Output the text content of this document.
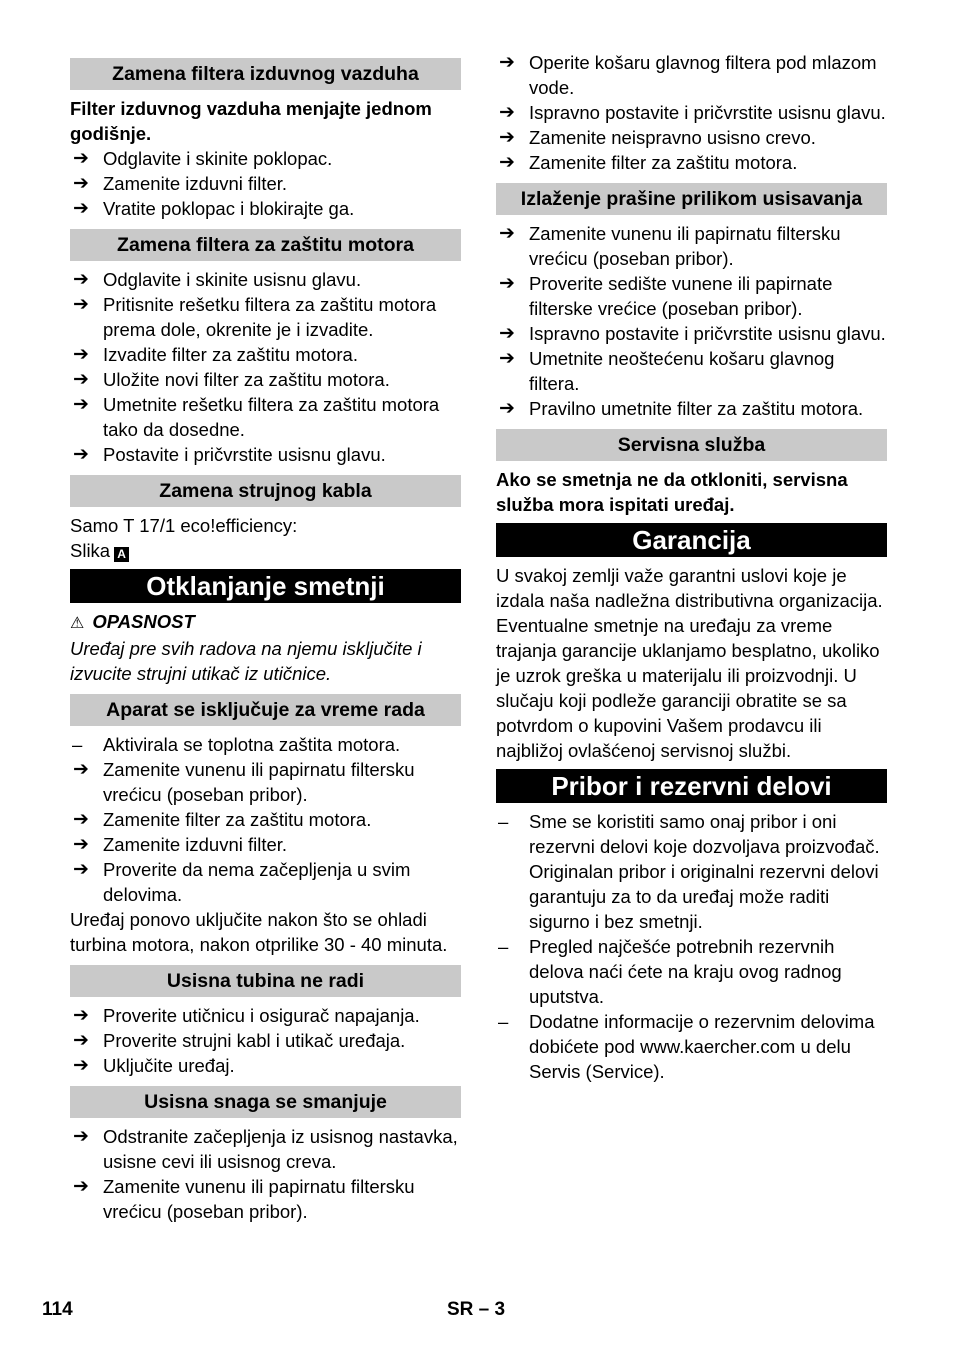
Zamena filtera izduvnog vazduha

Filter izduvnog vazduha menjajte jednom godišnje.

➔ Odglavite i skinite poklopac.
➔ Zamenite izduvni filter.
➔ Vratite poklopac i blokirajte ga.
Zamena filtera za zaštitu motora
➔ Odglavite i skinite usisnu glavu.
➔ Pritisnite rešetku filtera za zaštitu motora prema dole, okrenite je i izvadite.
➔ Izvadite filter za zaštitu motora.
➔ Uložite novi filter za zaštitu motora.
➔ Umetnite rešetku filtera za zaštitu motora tako da dosedne.
➔ Postavite i pričvrstite usisnu glavu.
Zamena strujnog kabla

Samo T 17/1 eco!efficiency:

Slika A

Otklanjanje smetnji

⚠ OPASNOST

Uređaj pre svih radova na njemu isključite i izvucite strujni utikač iz utičnice.

Aparat se isključuje za vreme rada
– Aktivirala se toplotna zaštita motora.
➔ Zamenite vunenu ili papirnatu filtersku vrećicu (poseban pribor).
➔ Zamenite filter za zaštitu motora.
➔ Zamenite izduvni filter.
➔ Proverite da nema začepljenja u svim delovima.

Uređaj ponovo uključite nakon što se ohladi turbina motora, nakon otprilike 30 - 40 minuta.

Usisna tubina ne radi
➔ Proverite utičnicu i osigurač napajanja.
➔ Proverite strujni kabl i utikač uređaja.
➔ Uključite uređaj.
Usisna snaga se smanjuje
➔ Odstranite začepljenja iz usisnog nastavka, usisne cevi ili usisnog creva.
➔ Zamenite vunenu ili papirnatu filtersku vrećicu (poseban pribor).
➔ Operite košaru glavnog filtera pod mlazom vode.
➔ Ispravno postavite i pričvrstite usisnu glavu.
➔ Zamenite neispravno usisno crevo.
➔ Zamenite filter za zaštitu motora.
Izlaženje prašine prilikom usisavanja
➔ Zamenite vunenu ili papirnatu filtersku vrećicu (poseban pribor).
➔ Proverite sedište vunene ili papirnate filterske vrećice (poseban pribor).
➔ Ispravno postavite i pričvrstite usisnu glavu.
➔ Umetnite neoštećenu košaru glavnog filtera.
➔ Pravilno umetnite filter za zaštitu motora.
Servisna služba

Ako se smetnja ne da otkloniti, servisna služba mora ispitati uređaj.

Garancija

U svakoj zemlji važe garantni uslovi koje je izdala naša nadležna distributivna organizacija. Eventualne smetnje na uređaju za vreme trajanja garancije uklanjamo besplatno, ukoliko je uzrok greška u materijalu ili proizvodnji. U slučaju koji podleže garanciji obratite se sa potvrdom o kupovini Vašem prodavcu ili najbližoj ovlašćenoj servisnoj službi.

Pribor i rezervni delovi
– Sme se koristiti samo onaj pribor i oni rezervni delovi koje dozvoljava proizvođač. Originalan pribor i originalni rezervni delovi garantuju za to da uređaj može raditi sigurno i bez smetnji.
– Pregled najčešće potrebnih rezervnih delova naći ćete na kraju ovog radnog uputstva.
– Dodatne informacije o rezervnim delovima dobićete pod www.kaercher.com u delu Servis (Service).
114	SR – 3
